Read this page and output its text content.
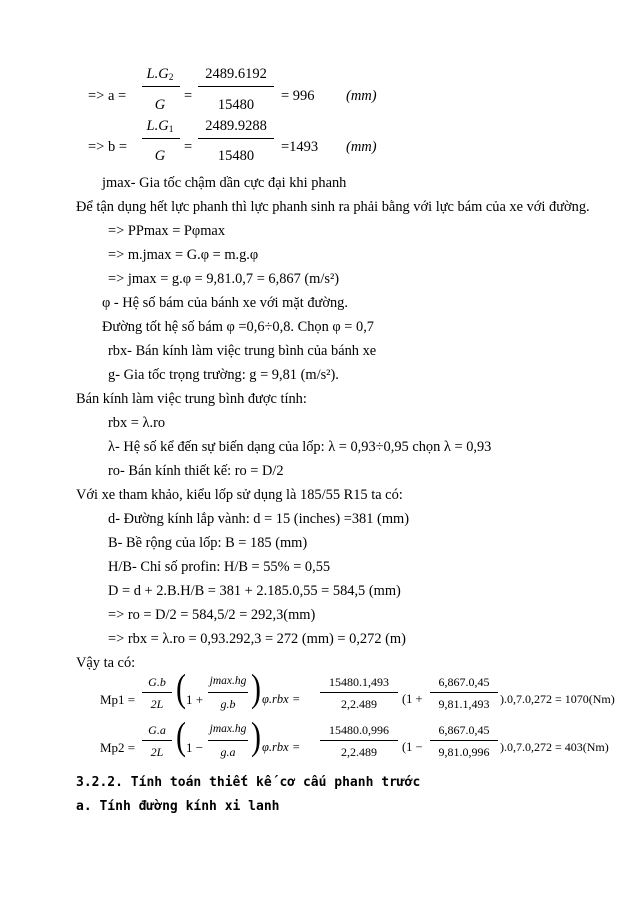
=> a =
$L.G_2$
G
=
2489.6192
15480
= 996 (mm)
=> b =
$L.G_1$
G
=
2489.9288
15480
=1493 (mm)
jmax- Gia tốc chậm dần cực đại khi phanh
Để tận dụng hết lực phanh thì lực phanh sinh ra phải bằng với lực bám của xe với đường.
=> PPmax = Pφmax
=> m.jmax = G.φ = m.g.φ
=> jmax = g.φ = 9,81.0,7 = 6,867 (m/s²)
φ - Hệ số bám của bánh xe với mặt đường.
Đường tốt hệ số bám φ =0,6÷0,8. Chọn φ = 0,7
rbx- Bán kính làm việc trung bình của bánh xe
g- Gia tốc trọng trường: g = 9,81 (m/s²).
Bán kính làm việc trung bình được tính:
rbx = λ.ro
λ- Hệ số kể đến sự biến dạng của lốp: λ = 0,93÷0,95 chọn λ = 0,93
ro- Bán kính thiết kế: ro = D/2
Với xe tham khảo, kiểu lốp sử dụng là 185/55 R15 ta có:
d- Đường kính lắp vành: d = 15 (inches) =381 (mm)
B- Bề rộng của lốp: B = 185 (mm)
H/B- Chỉ số profin: H/B = 55% = 0,55
D = d + 2.B.H/B = 381 + 2.185.0,55 = 584,5 (mm)
=> ro = D/2 = 584,5/2 = 292,3(mm)
=> rbx = λ.ro = 0,93.292,3 = 272 (mm) = 0,272 (m)
Vậy ta có:
Mp1 =
G.b
2L ( 1 +
jmax.hg
g.b ) φ.rbx =
15480.1,493
2,2.489	(1 +
6,867.0,45
9,81.1,493 ).0,7.0,272 = 1070(Nm)
Mp2 =
G.a
2L ( 1 −
jmax.hg
g.a ) φ.rbx =
15480.0,996
2,2.489	(1 −
6,867.0,45
9,81.0,996 ).0,7.0,272 = 403(Nm)
3.2.2. Tính toán thiết kế cơ cấu phanh trước
a. Tính đường kính xi lanh
